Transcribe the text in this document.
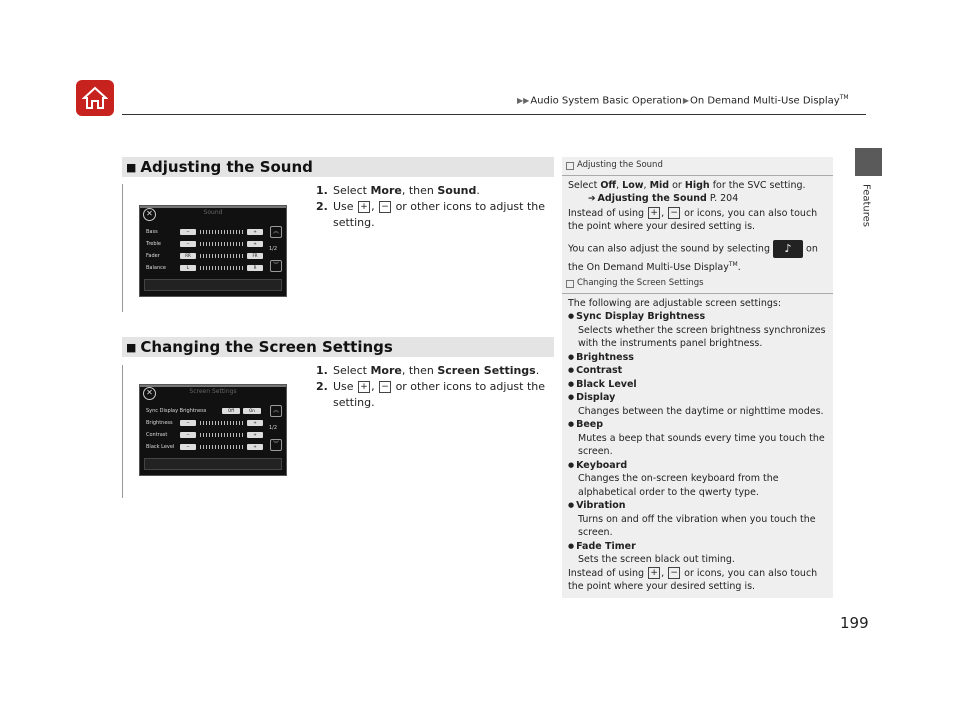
▶▶Audio System Basic Operation▶On Demand Multi-Use Display™
Features
■ Adjusting the Sound
Sound
✕
Bass	−	+
Treble	−	+
Fader	RR	FR
Balance	L	R
︽
1/2
︾
1. Select More, then Sound.
2. Use + , − or other icons to adjust the
setting.
■ Changing the Screen Settings
Screen Settings
✕
Sync Display Brightness	Off	On
Brightness	−	+
Contrast	−	+
Black Level	−	+
︽
1/2
︾
1. Select More, then Screen Settings.
2. Use + , − or other icons to adjust the
setting.
Adjusting the Sound
Select Off, Low, Mid or High for the SVC setting.
➔ Adjusting the Sound P. 204
Instead of using + , − or icons, you can also touch
the point where your desired setting is.
You can also adjust the sound by selecting ♪ on
the On Demand Multi-Use Display™.
Changing the Screen Settings
The following are adjustable screen settings:
● Sync Display Brightness
Selects whether the screen brightness synchronizes with the instruments panel brightness.
● Brightness
● Contrast
● Black Level
● Display
Changes between the daytime or nighttime modes.
● Beep
Mutes a beep that sounds every time you touch the screen.
● Keyboard
Changes the on-screen keyboard from the alphabetical order to the qwerty type.
● Vibration
Turns on and off the vibration when you touch the screen.
● Fade Timer
Sets the screen black out timing.
Instead of using + , − or icons, you can also touch
the point where your desired setting is.
199
